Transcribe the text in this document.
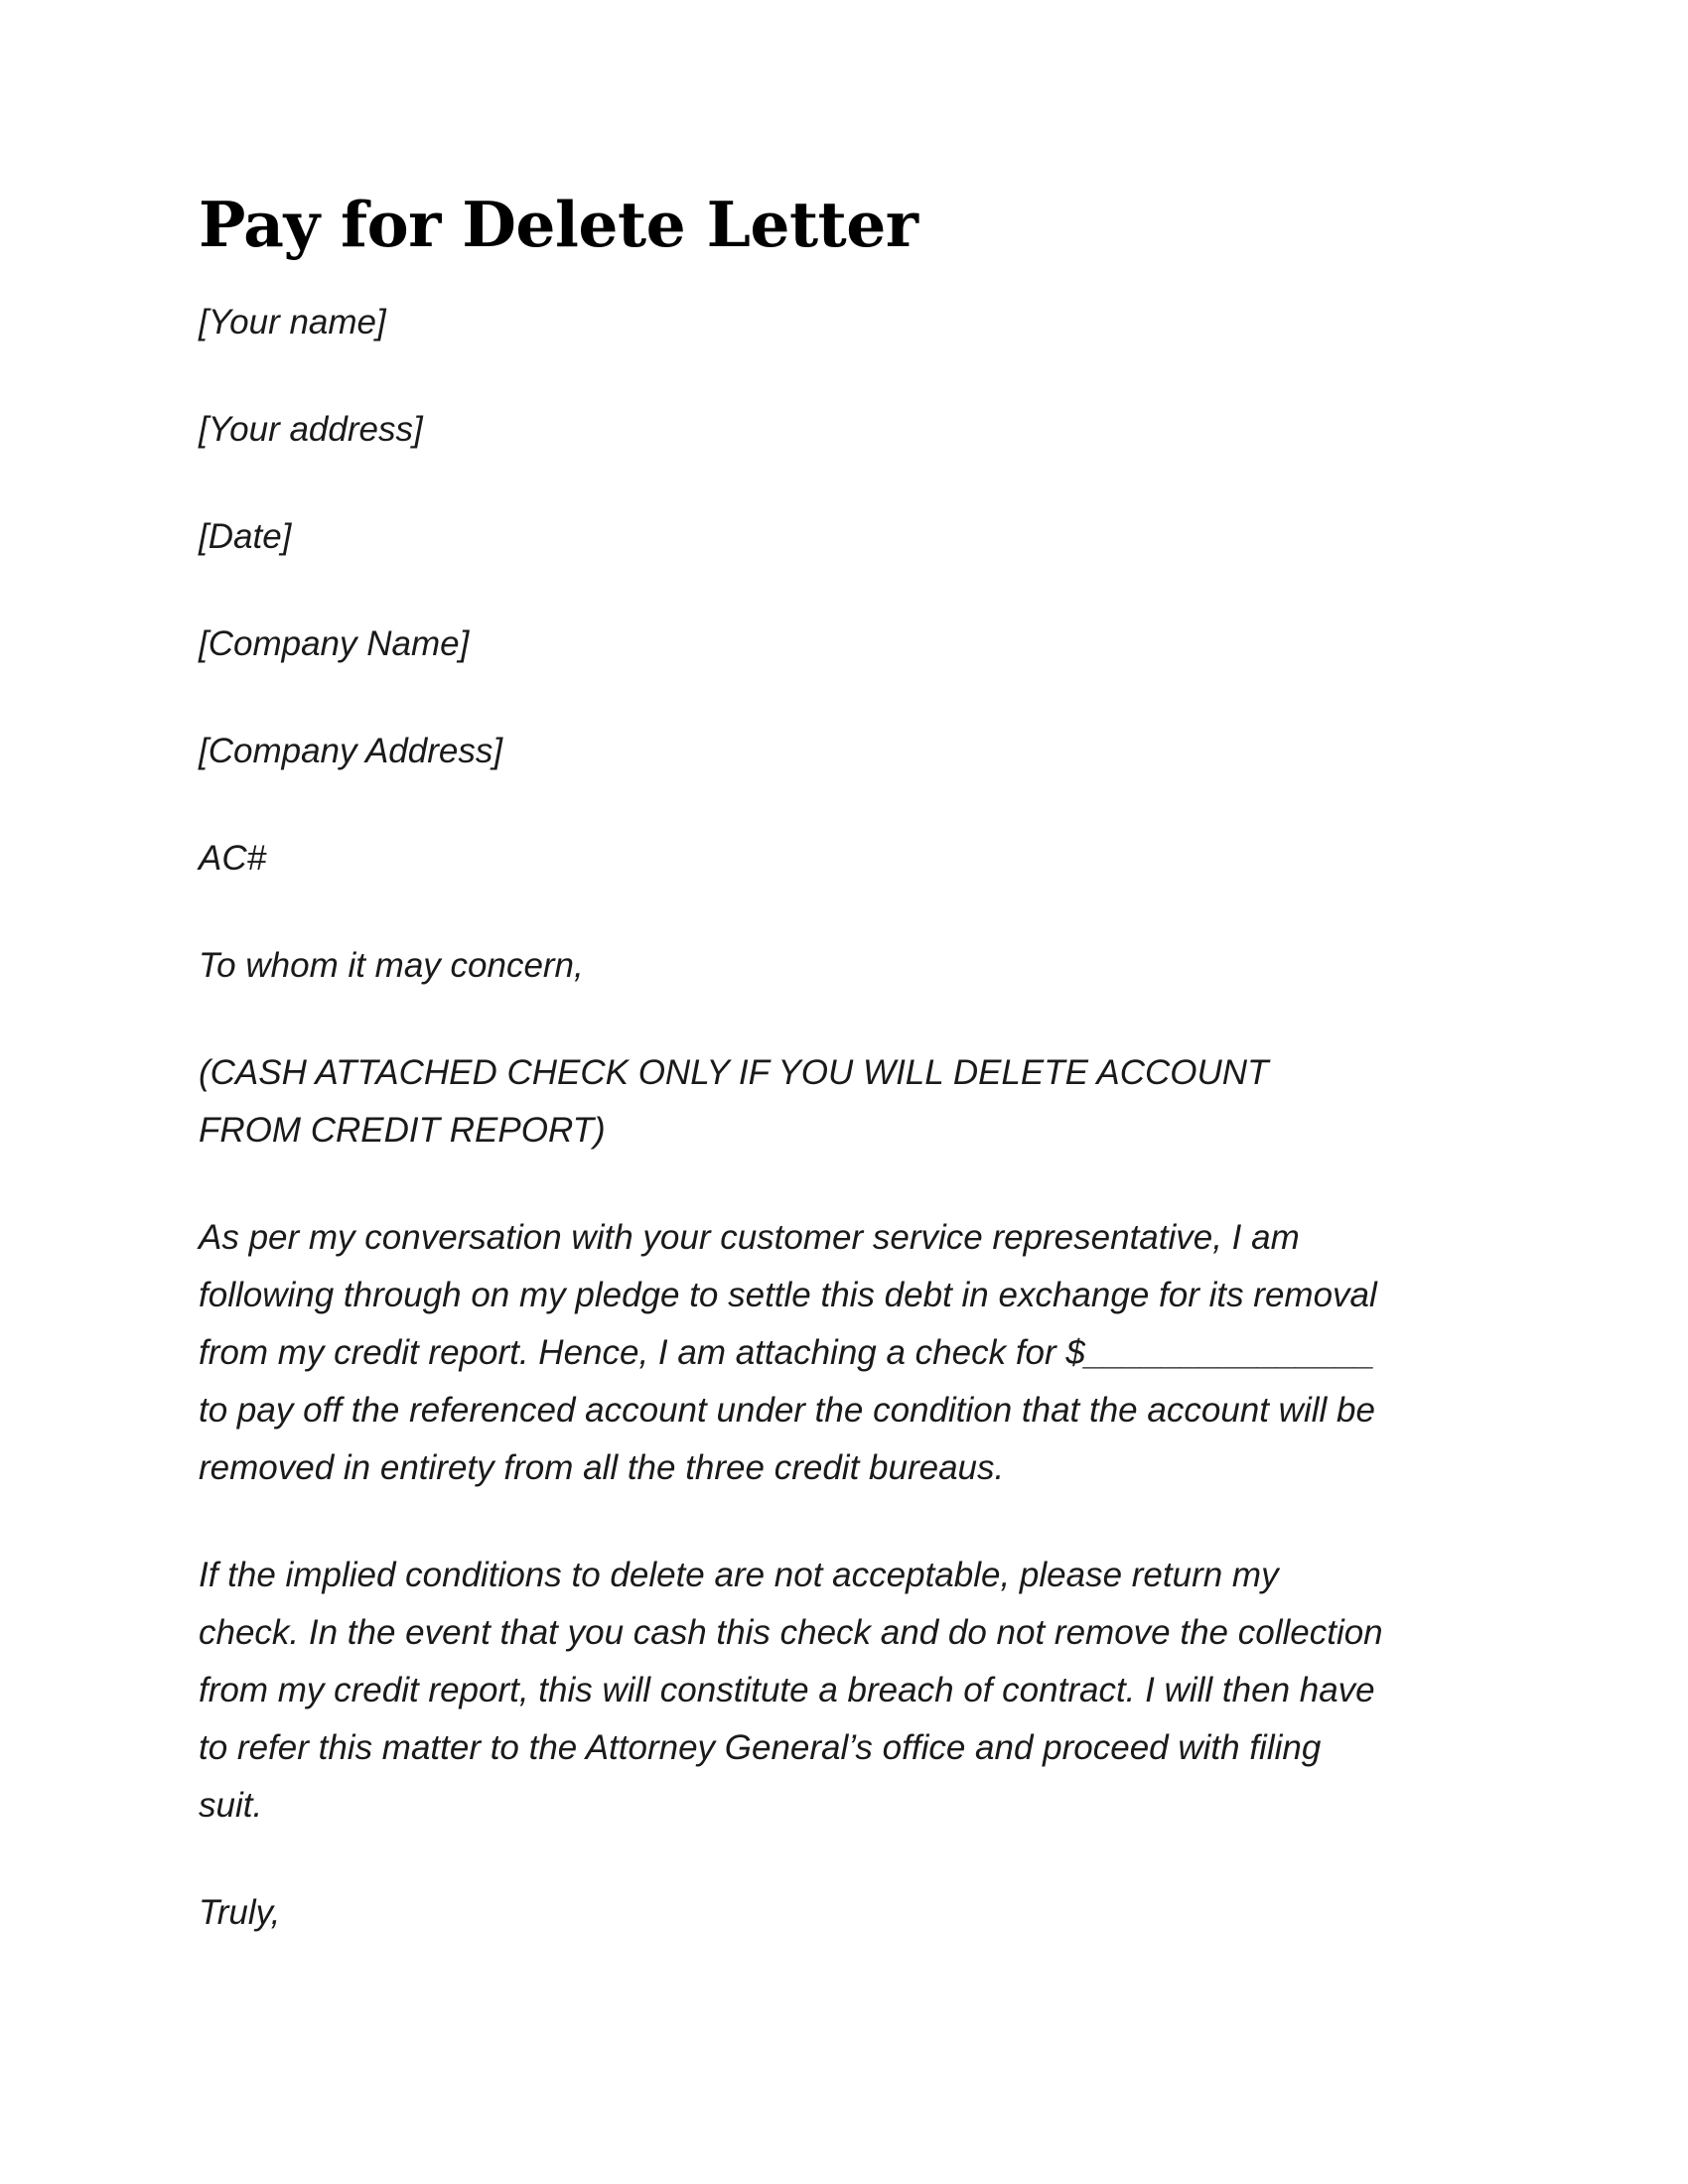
Pay for Delete Letter

[Your name]

[Your address]

[Date]

[Company Name]

[Company Address]

AC#

To whom it may concern,

(CASH ATTACHED CHECK ONLY IF YOU WILL DELETE ACCOUNT
FROM CREDIT REPORT)

As per my conversation with your customer service representative, I am
following through on my pledge to settle this debt in exchange for its removal
from my credit report. Hence, I am attaching a check for $_______________
to pay off the referenced account under the condition that the account will be
removed in entirety from all the three credit bureaus.

If the implied conditions to delete are not acceptable, please return my
check. In the event that you cash this check and do not remove the collection
from my credit report, this will constitute a breach of contract. I will then have
to refer this matter to the Attorney General’s office and proceed with filing
suit.

Truly,
